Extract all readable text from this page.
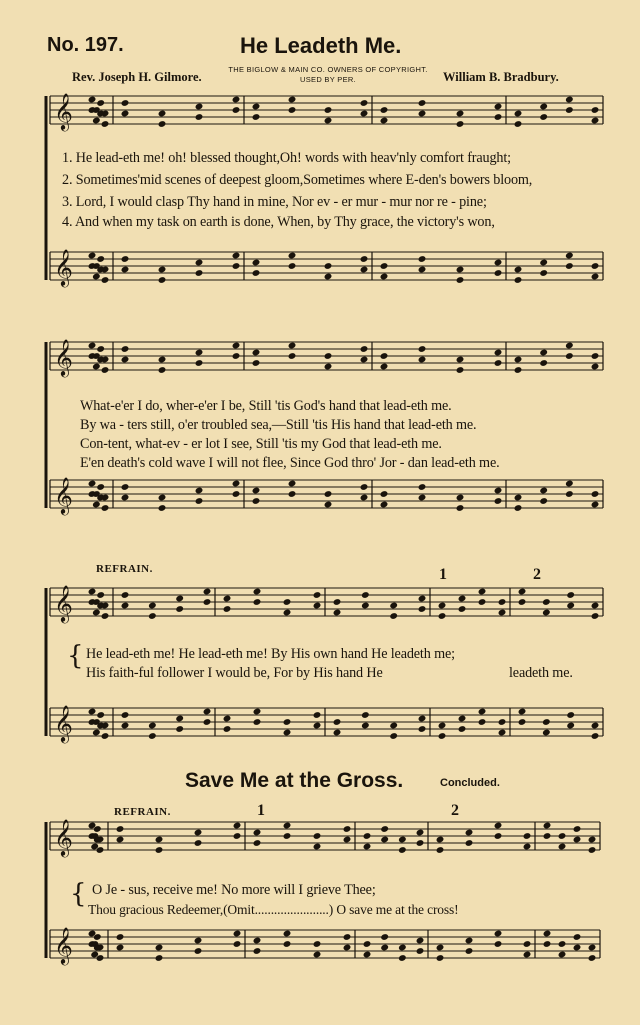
𝄞
𝄞
𝄞
𝄞
𝄞
𝄞
𝄞
𝄞
No. 197.	He Leadeth Me.
Rev. Joseph H. Gilmore.
THE BIGLOW & MAIN CO. OWNERS OF COPYRIGHT.
USED BY PER.	William B. Bradbury.
1. He lead-eth me! oh! blessed thought,Oh! words with heav'nly comfort fraught;
2. Sometimes'mid scenes of deepest gloom,Sometimes where E-den's bowers bloom,
3. Lord, I would clasp Thy hand in mine, Nor ev - er mur - mur nor re - pine;
4. And when my task on earth is done, When, by Thy grace, the victory's won,
What-e'er I do, wher-e'er I be, Still 'tis God's hand that lead-eth me.
By wa - ters still, o'er troubled sea,—Still 'tis His hand that lead-eth me.
Con-tent, what-ev - er lot I see, Still 'tis my God that lead-eth me.
E'en death's cold wave I will not flee, Since God thro' Jor - dan lead-eth me.
REFRAIN.	1	2
{ He lead-eth me! He lead-eth me! By His own hand He leadeth me;
His faith-ful follower I would be, For by His hand He	leadeth me.
Save Me at the Gross.	Concluded.
REFRAIN.	1	2
{ O Je - sus, receive me! No more will I grieve Thee;
Thou gracious Redeemer,(Omit.......................) O save me at the cross!
